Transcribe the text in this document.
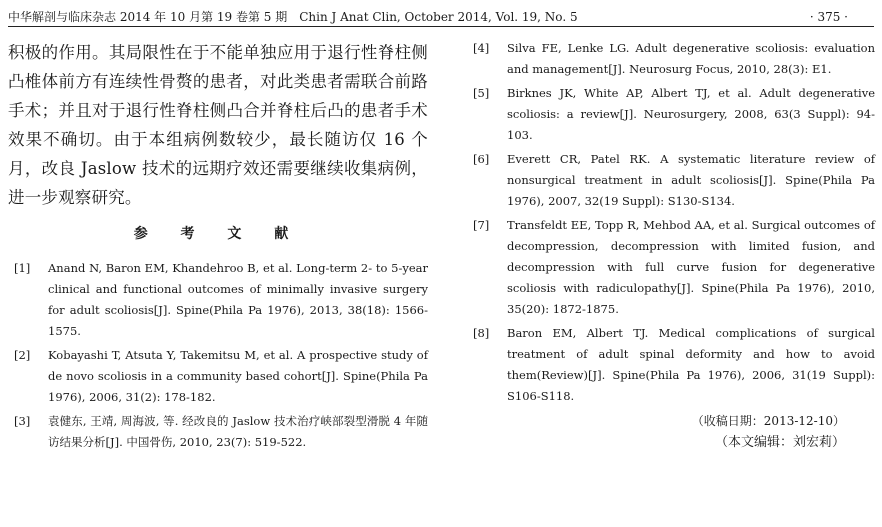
中华解剖与临床杂志 2014 年 10 月第 19 卷第 5 期　Chin J Anat Clin, October 2014, Vol. 19, No. 5	· 375 ·

积极的作用。其局限性在于不能单独应用于退行性脊柱侧凸椎体前方有连续性骨赘的患者，对此类患者需联合前路手术；并且对于退行性脊柱侧凸合并脊柱后凸的患者手术效果不确切。由于本组病例数较少，最长随访仅 16 个月，改良 Jaslow 技术的远期疗效还需要继续收集病例，进一步观察研究。

参 考 文 献
[1] Anand N, Baron EM, Khandehroo B, et al. Long-term 2- to 5-year clinical and functional outcomes of minimally invasive surgery for adult scoliosis[J]. Spine(Phila Pa 1976), 2013, 38(18): 1566-1575.
[2] Kobayashi T, Atsuta Y, Takemitsu M, et al. A prospective study of de novo scoliosis in a community based cohort[J]. Spine(Phila Pa 1976), 2006, 31(2): 178-182.
[3] 袁健东, 王靖, 周海波, 等. 经改良的 Jaslow 技术治疗峡部裂型滑脱 4 年随访结果分析[J]. 中国骨伤, 2010, 23(7): 519-522.
[4] Silva FE, Lenke LG. Adult degenerative scoliosis: evaluation and management[J]. Neurosurg Focus, 2010, 28(3): E1.
[5] Birknes JK, White AP, Albert TJ, et al. Adult degenerative scoliosis: a review[J]. Neurosurgery, 2008, 63(3 Suppl): 94-103.
[6] Everett CR, Patel RK. A systematic literature review of nonsurgical treatment in adult scoliosis[J]. Spine(Phila Pa 1976), 2007, 32(19 Suppl): S130-S134.
[7] Transfeldt EE, Topp R, Mehbod AA, et al. Surgical outcomes of decompression, decompression with limited fusion, and decompression with full curve fusion for degenerative scoliosis with radiculopathy[J]. Spine(Phila Pa 1976), 2010, 35(20): 1872-1875.
[8] Baron EM, Albert TJ. Medical complications of surgical treatment of adult spinal deformity and how to avoid them(Review)[J]. Spine(Phila Pa 1976), 2006, 31(19 Suppl): S106-S118.
（收稿日期：2013-12-10）
（本文编辑：刘宏莉）
